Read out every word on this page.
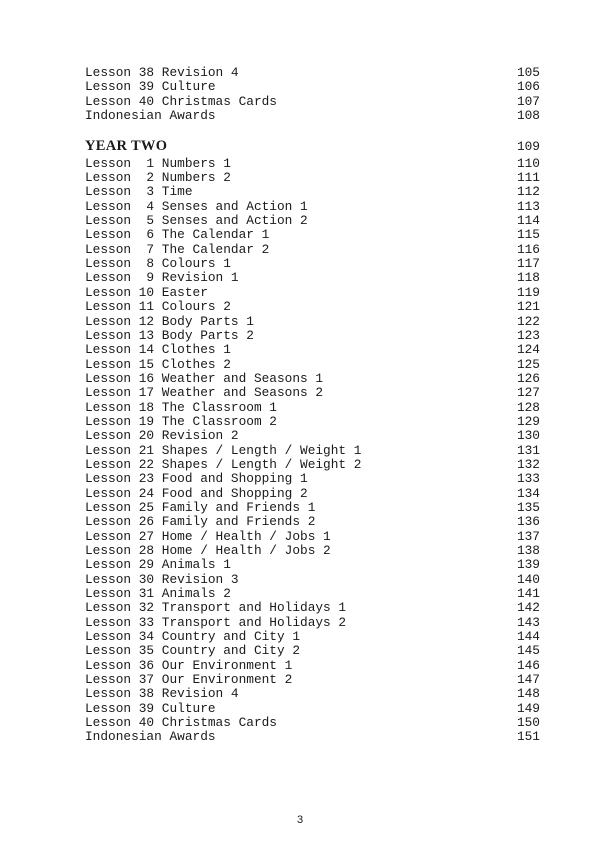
Lesson 38 Revision 4	105
Lesson 39 Culture	106
Lesson 40 Christmas Cards	107
Indonesian Awards	108
YEAR TWO	109
Lesson  1 Numbers 1	110
Lesson  2 Numbers 2	111
Lesson  3 Time	112
Lesson  4 Senses and Action 1	113
Lesson  5 Senses and Action 2	114
Lesson  6 The Calendar 1	115
Lesson  7 The Calendar 2	116
Lesson  8 Colours 1	117
Lesson  9 Revision 1	118
Lesson 10 Easter	119
Lesson 11 Colours 2	121
Lesson 12 Body Parts 1	122
Lesson 13 Body Parts 2	123
Lesson 14 Clothes 1	124
Lesson 15 Clothes 2	125
Lesson 16 Weather and Seasons 1	126
Lesson 17 Weather and Seasons 2	127
Lesson 18 The Classroom 1	128
Lesson 19 The Classroom 2	129
Lesson 20 Revision 2	130
Lesson 21 Shapes / Length / Weight 1	131
Lesson 22 Shapes / Length / Weight 2	132
Lesson 23 Food and Shopping 1	133
Lesson 24 Food and Shopping 2	134
Lesson 25 Family and Friends 1	135
Lesson 26 Family and Friends 2	136
Lesson 27 Home / Health / Jobs 1	137
Lesson 28 Home / Health / Jobs 2	138
Lesson 29 Animals 1	139
Lesson 30 Revision 3	140
Lesson 31 Animals 2	141
Lesson 32 Transport and Holidays 1	142
Lesson 33 Transport and Holidays 2	143
Lesson 34 Country and City 1	144
Lesson 35 Country and City 2	145
Lesson 36 Our Environment 1	146
Lesson 37 Our Environment 2	147
Lesson 38 Revision 4	148
Lesson 39 Culture	149
Lesson 40 Christmas Cards	150
Indonesian Awards	151
3
